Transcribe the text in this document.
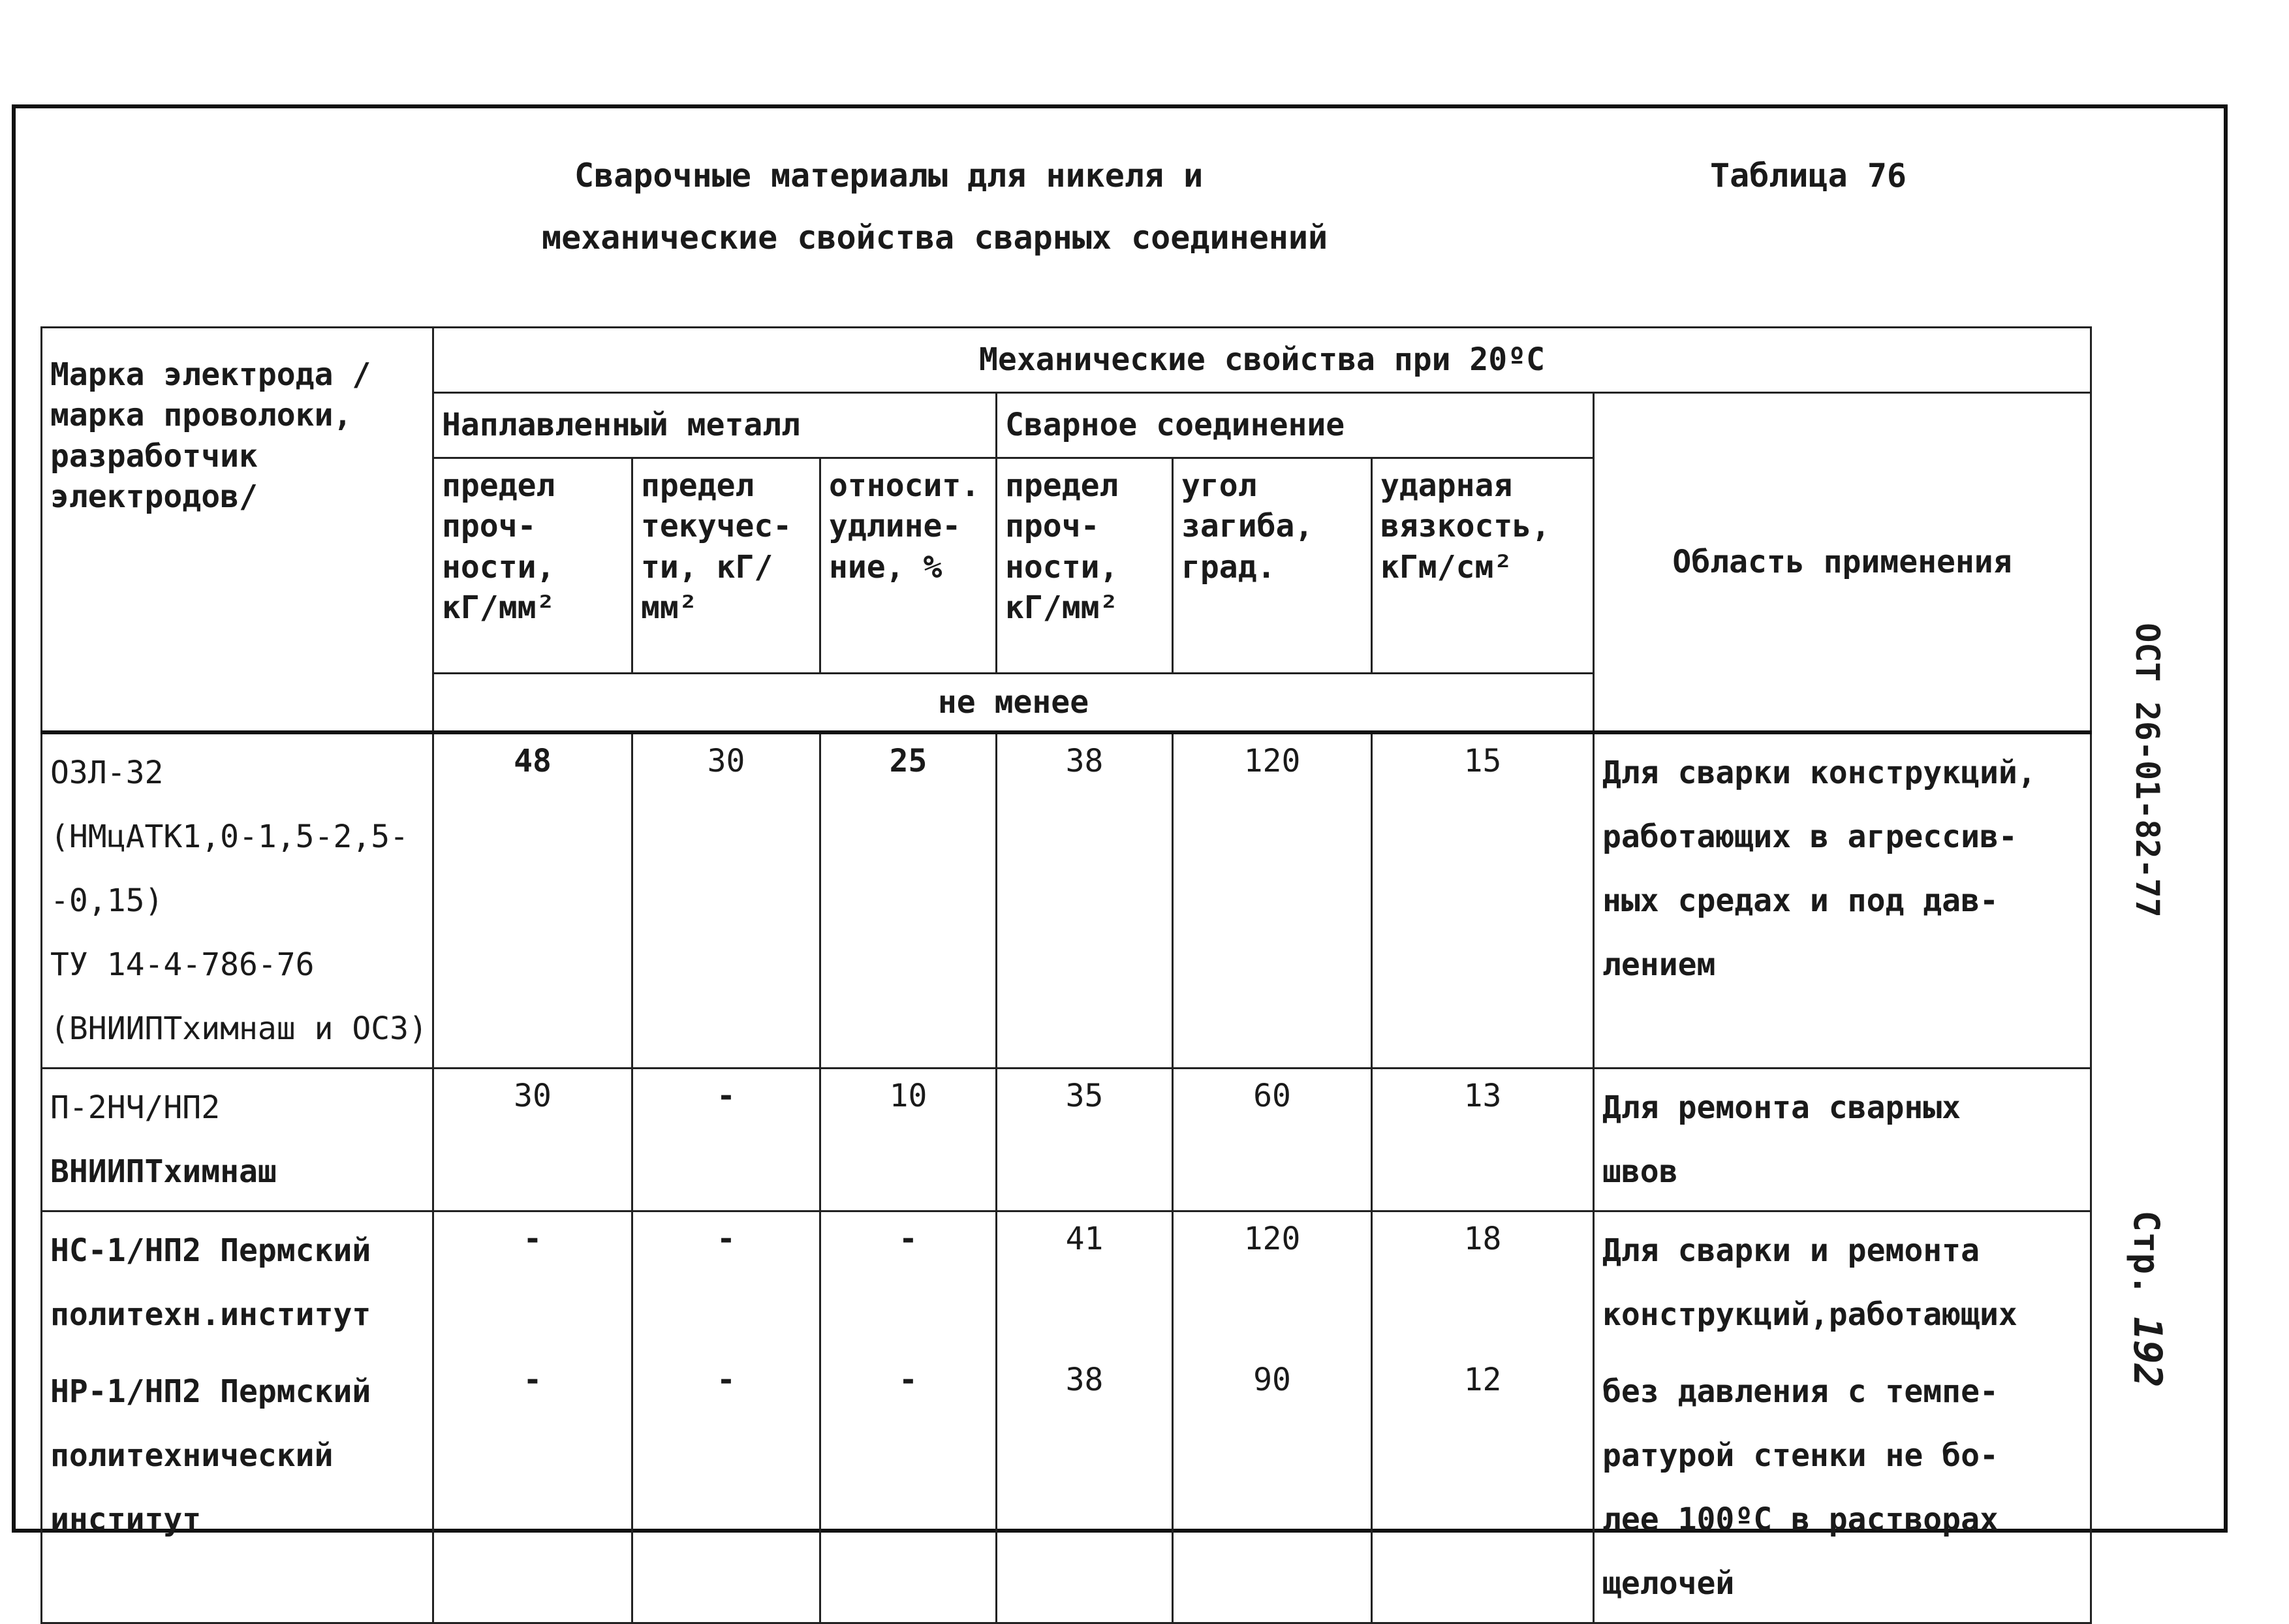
Сварочные материалы для никеля и
механические свойства сварных соединений
Таблица 76
ОСТ 26-01-82-77
Стр. 192
Марка электрода /марка проволоки, разработчик электродов/	Механические свойства при 20ºC						
	Наплавленный металл			Сварное соединение			Область применения
	предел проч- ности, кГ/мм²	предел текучес- ти, кГ/мм²	относит. удлине- ние, %	предел проч- ности, кГ/мм²	угол загиба, град.	ударная вязкость, кГм/см²	
	не менее						

ОЗЛ-32
(НМцАТК1,0-1,5-2,5-
-0,15)
ТУ 14-4-786-76
(ВНИИПТхимнаш и ОСЗ)	48	30	25	38	120	15	Для сварки конструкций,
работающих в агрессив-
ных средах и под дав-
лением

П-2НЧ/НП2
ВНИИПТхимнаш	30	-	10	35	60	13	Для ремонта сварных
швов

НС-1/НП2 Пермский
политехн.институт	-	-	-	41	120	18	Для сварки и ремонта
конструкций,работающих

НР-1/НП2 Пермский
политехнический
институт	-	-	-	38	90	12	без давления с темпе-
ратурой стенки не бо-
лее 100ºC в растворах
щелочей
